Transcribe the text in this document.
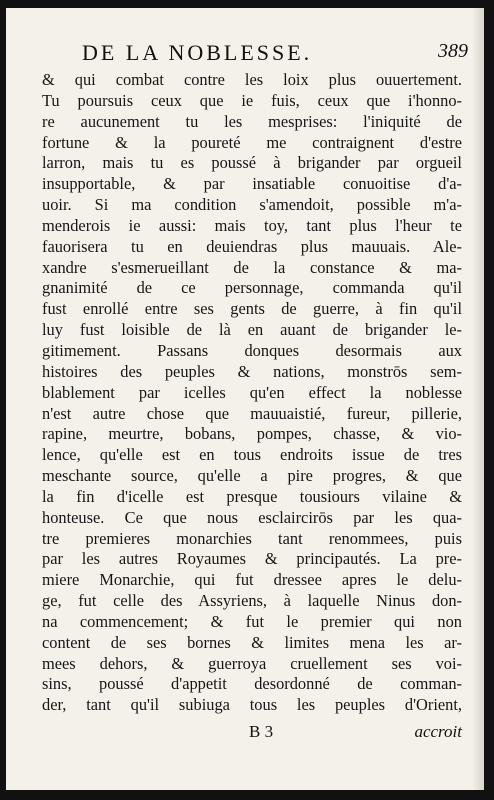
DE LA NOBLESSE.	389
& qui combat contre les loix plus ouuertement.
Tu poursuis ceux que ie fuis, ceux que i'honno-
re aucunement tu les mesprises: l'iniquité de
fortune & la poureté me contraignent d'estre
larron, mais tu es poussé à brigander par orgueil
insupportable, & par insatiable conuoitise d'a-
uoir. Si ma condition s'amendoit, possible m'a-
menderois ie aussi: mais toy, tant plus l'heur te
fauorisera tu en deuiendras plus mauuais. Ale-
xandre s'esmerueillant de la constance & ma-
gnanimité de ce personnage, commanda qu'il
fust enrollé entre ses gents de guerre, à fin qu'il
luy fust loisible de là en auant de brigander le-
gitimement. Passans donques desormais aux
histoires des peuples & nations, monstrōs sem-
blablement par icelles qu'en effect la noblesse
n'est autre chose que mauuaistié, fureur, pillerie,
rapine, meurtre, bobans, pompes, chasse, & vio-
lence, qu'elle est en tous endroits issue de tres
meschante source, qu'elle a pire progres, & que
la fin d'icelle est presque tousiours vilaine &
honteuse. Ce que nous esclaircirōs par les qua-
tre premieres monarchies tant renommees, puis
par les autres Royaumes & principautés. La pre-
miere Monarchie, qui fut dressee apres le delu-
ge, fut celle des Assyriens, à laquelle Ninus don-
na commencement; & fut le premier qui non
content de ses bornes & limites mena les ar-
mees dehors, & guerroya cruellement ses voi-
sins, poussé d'appetit desordonné de comman-
der, tant qu'il subiuga tous les peuples d'Orient,
B 3	accroit
